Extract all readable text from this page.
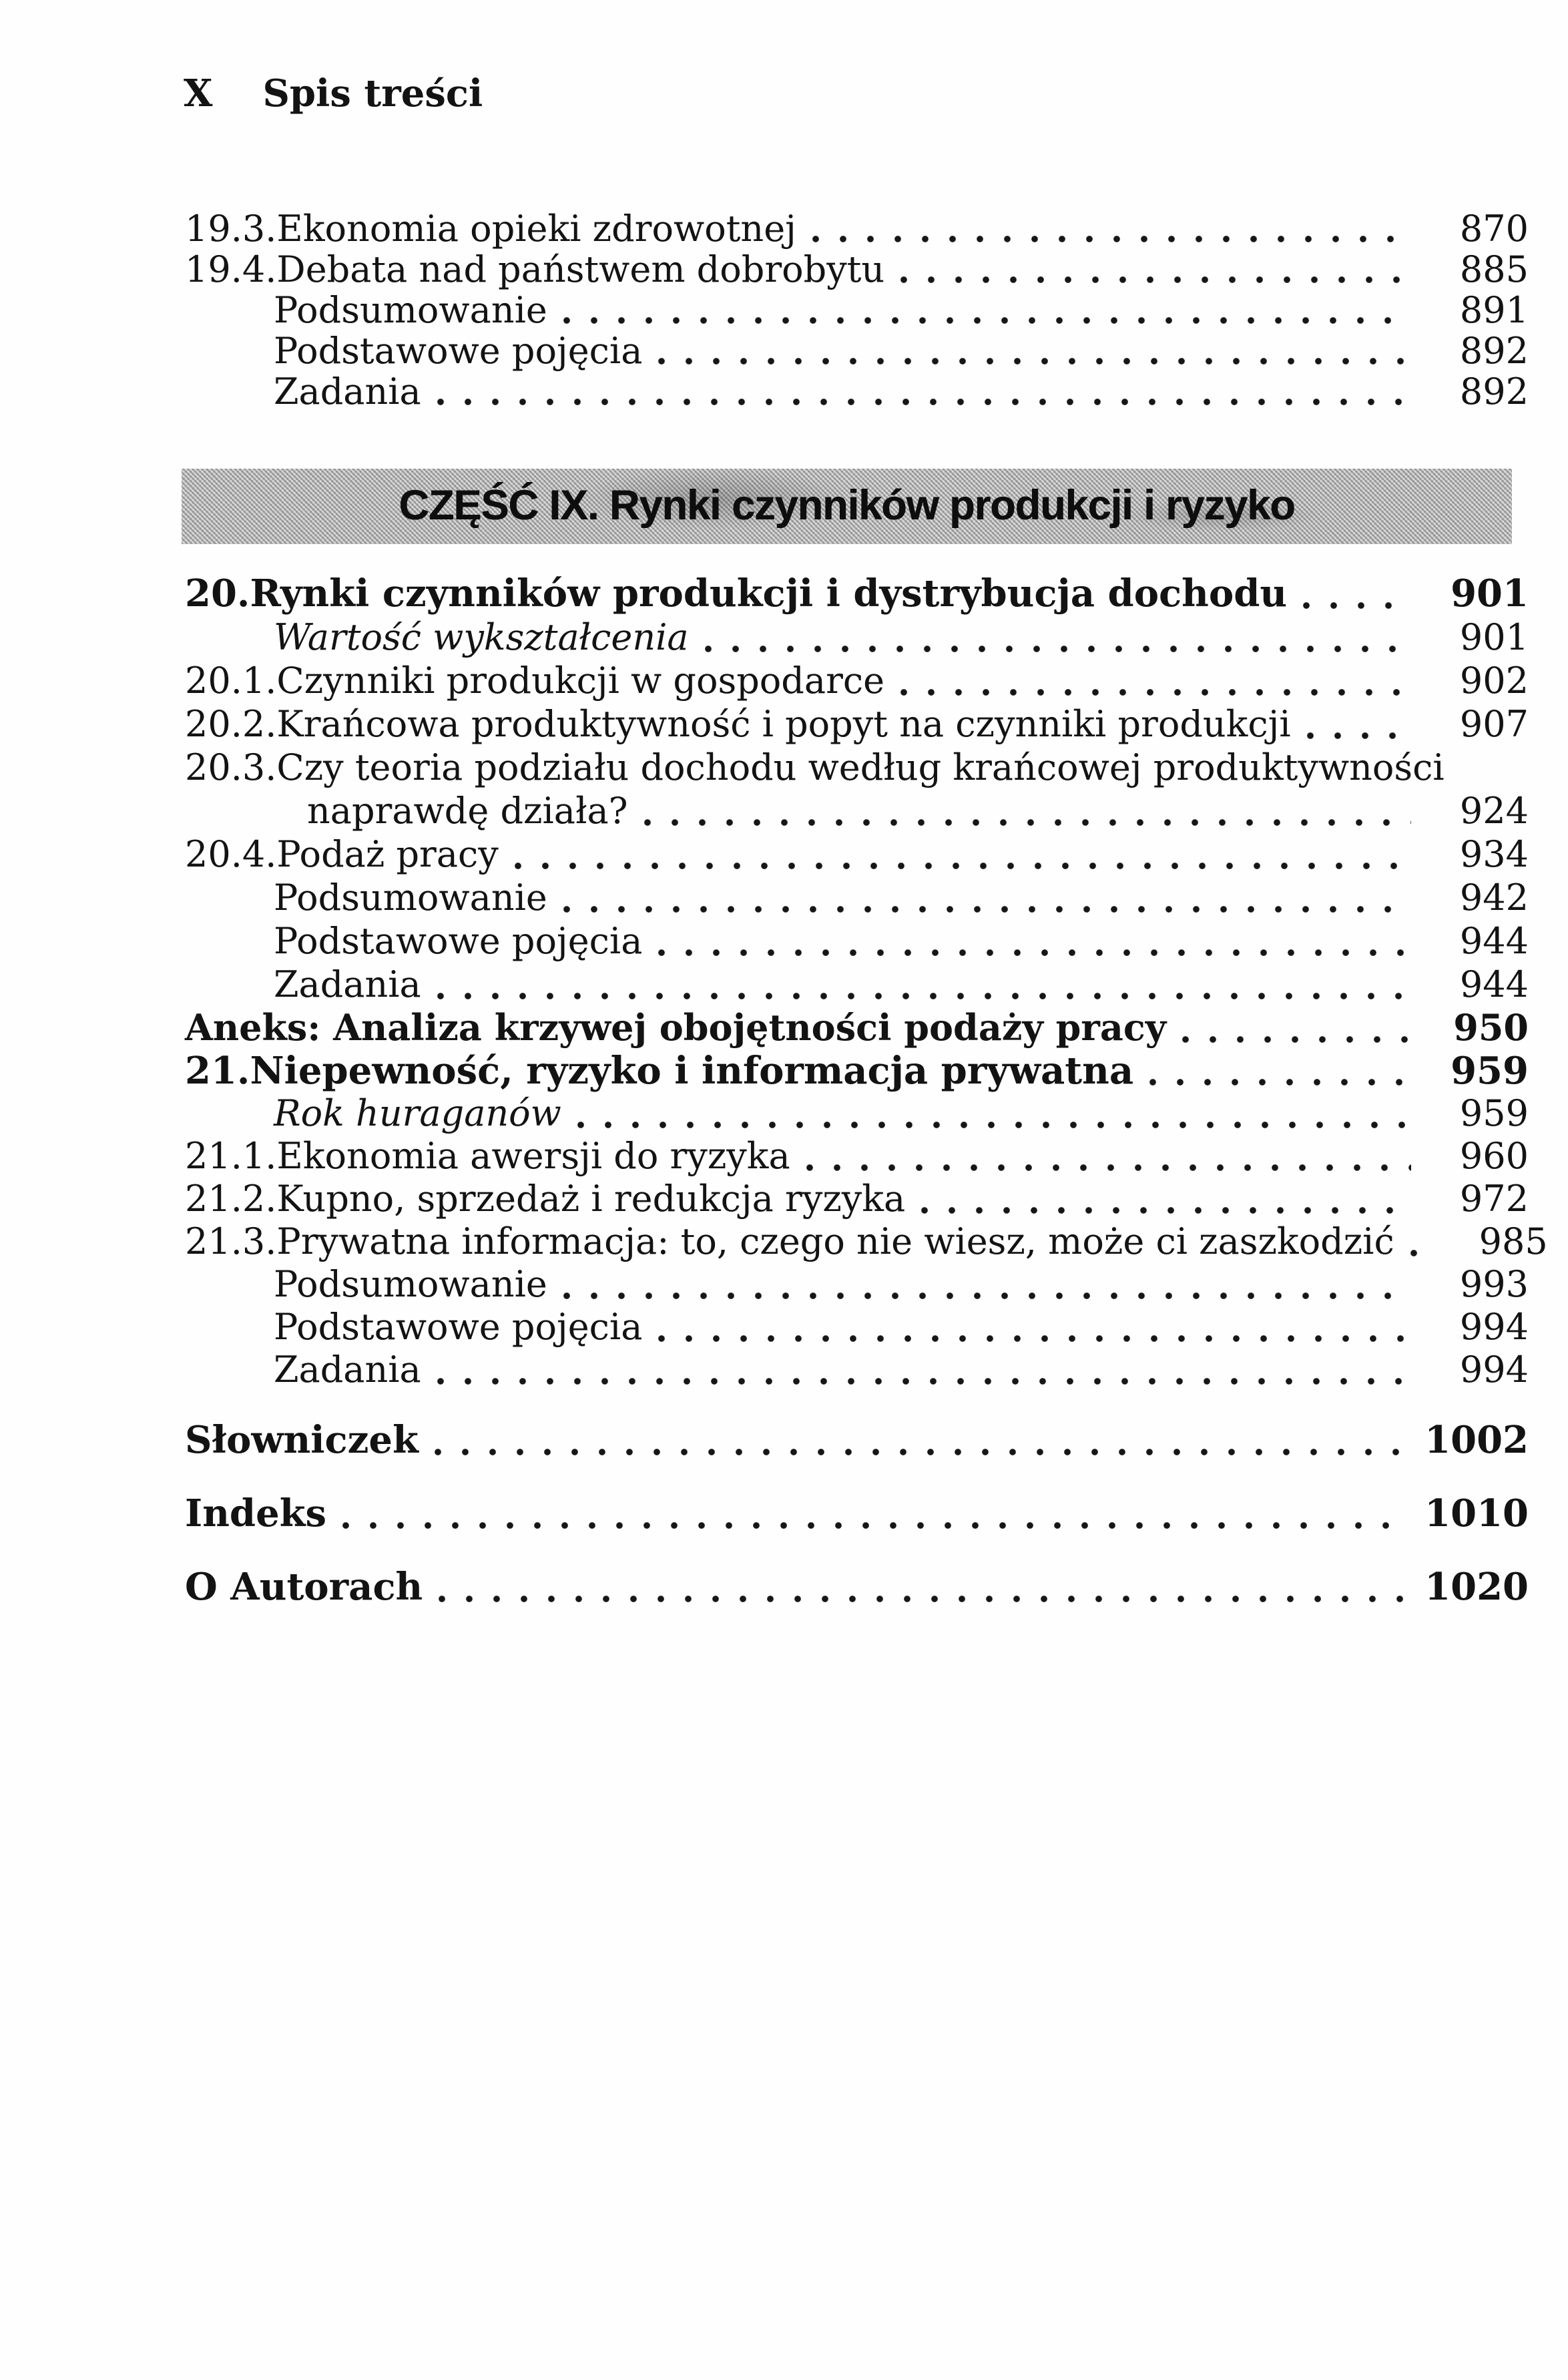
X Spis treści
CZĘŚĆ IX. Rynki czynników produkcji i ryzyko
19.3. Ekonomia opieki zdrowotnej	870
19.4. Debata nad państwem dobrobytu	885
Podsumowanie	891
Podstawowe pojęcia	892
Zadania	892
20. Rynki czynników produkcji i dystrybucja dochodu	901
Wartość wykształcenia	901
20.1. Czynniki produkcji w gospodarce	902
20.2. Krańcowa produktywność i popyt na czynniki produkcji	907
20.3. Czy teoria podziału dochodu według krańcowej produktywności
naprawdę działa?	924
20.4. Podaż pracy	934
Podsumowanie	942
Podstawowe pojęcia	944
Zadania	944
Aneks: Analiza krzywej obojętności podaży pracy	950
21. Niepewność, ryzyko i informacja prywatna	959
Rok huraganów	959
21.1. Ekonomia awersji do ryzyka	960
21.2. Kupno, sprzedaż i redukcja ryzyka	972
21.3. Prywatna informacja: to, czego nie wiesz, może ci zaszkodzić	985
Podsumowanie	993
Podstawowe pojęcia	994
Zadania	994
Słowniczek	1002
Indeks	1010
O Autorach	1020
